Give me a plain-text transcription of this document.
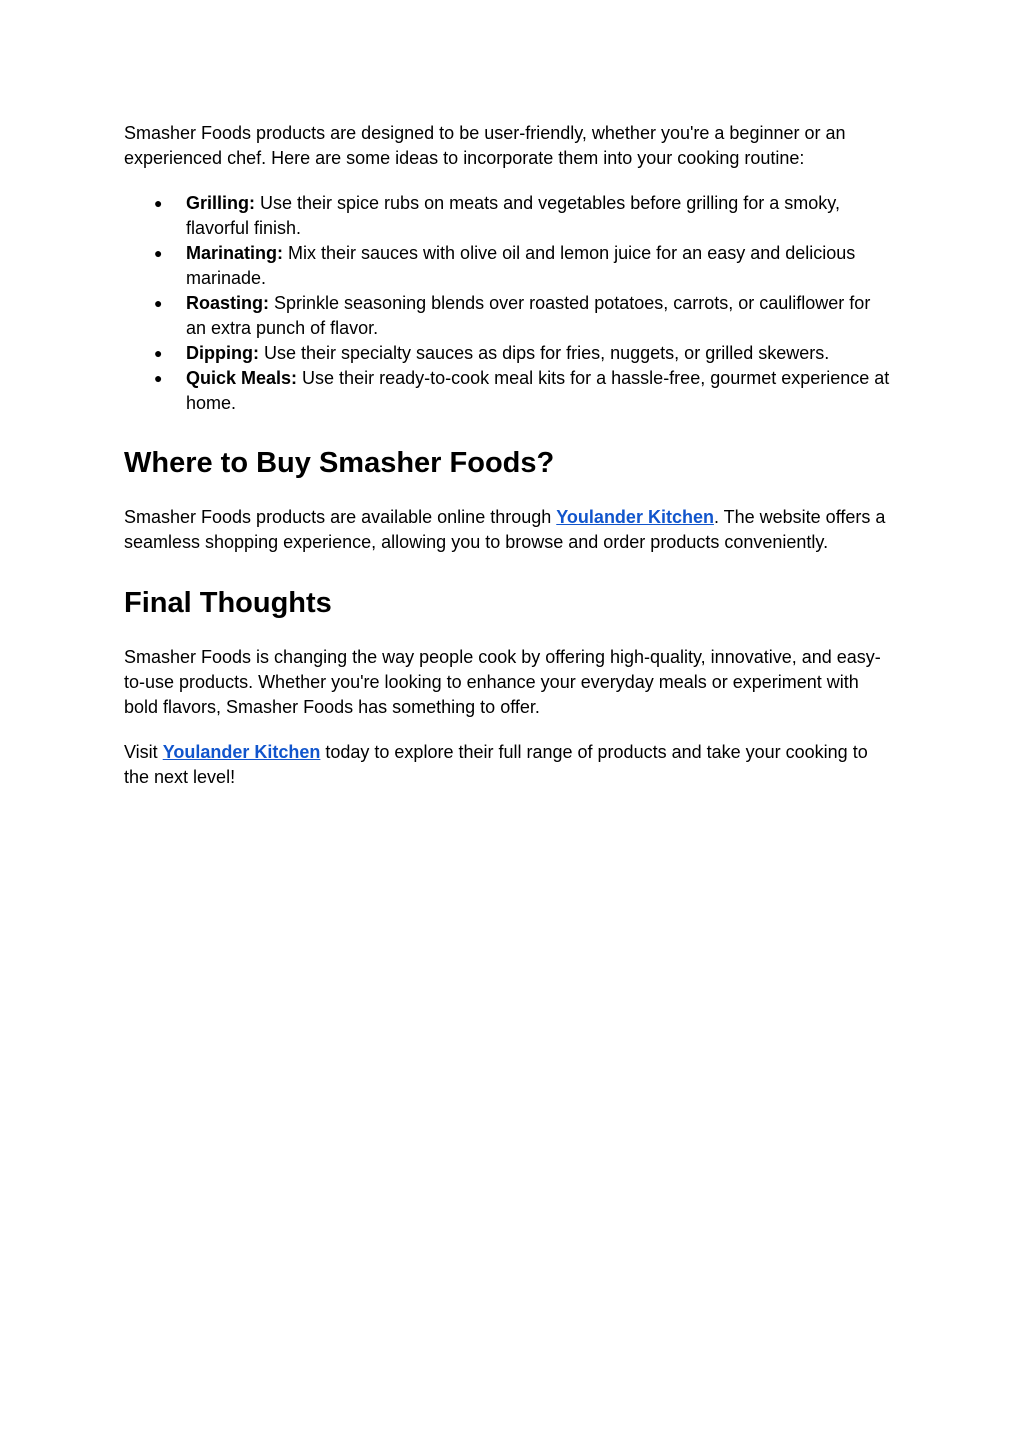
Smasher Foods products are designed to be user-friendly, whether you're a beginner or an experienced chef. Here are some ideas to incorporate them into your cooking routine:

● Grilling: Use their spice rubs on meats and vegetables before grilling for a smoky, flavorful finish.
● Marinating: Mix their sauces with olive oil and lemon juice for an easy and delicious marinade.
● Roasting: Sprinkle seasoning blends over roasted potatoes, carrots, or cauliflower for an extra punch of flavor.
● Dipping: Use their specialty sauces as dips for fries, nuggets, or grilled skewers.
● Quick Meals: Use their ready-to-cook meal kits for a hassle-free, gourmet experience at home.
Where to Buy Smasher Foods?

Smasher Foods products are available online through Youlander Kitchen. The website offers a seamless shopping experience, allowing you to browse and order products conveniently.

Final Thoughts

Smasher Foods is changing the way people cook by offering high-quality, innovative, and easy-to-use products. Whether you're looking to enhance your everyday meals or experiment with bold flavors, Smasher Foods has something to offer.

Visit Youlander Kitchen today to explore their full range of products and take your cooking to the next level!
